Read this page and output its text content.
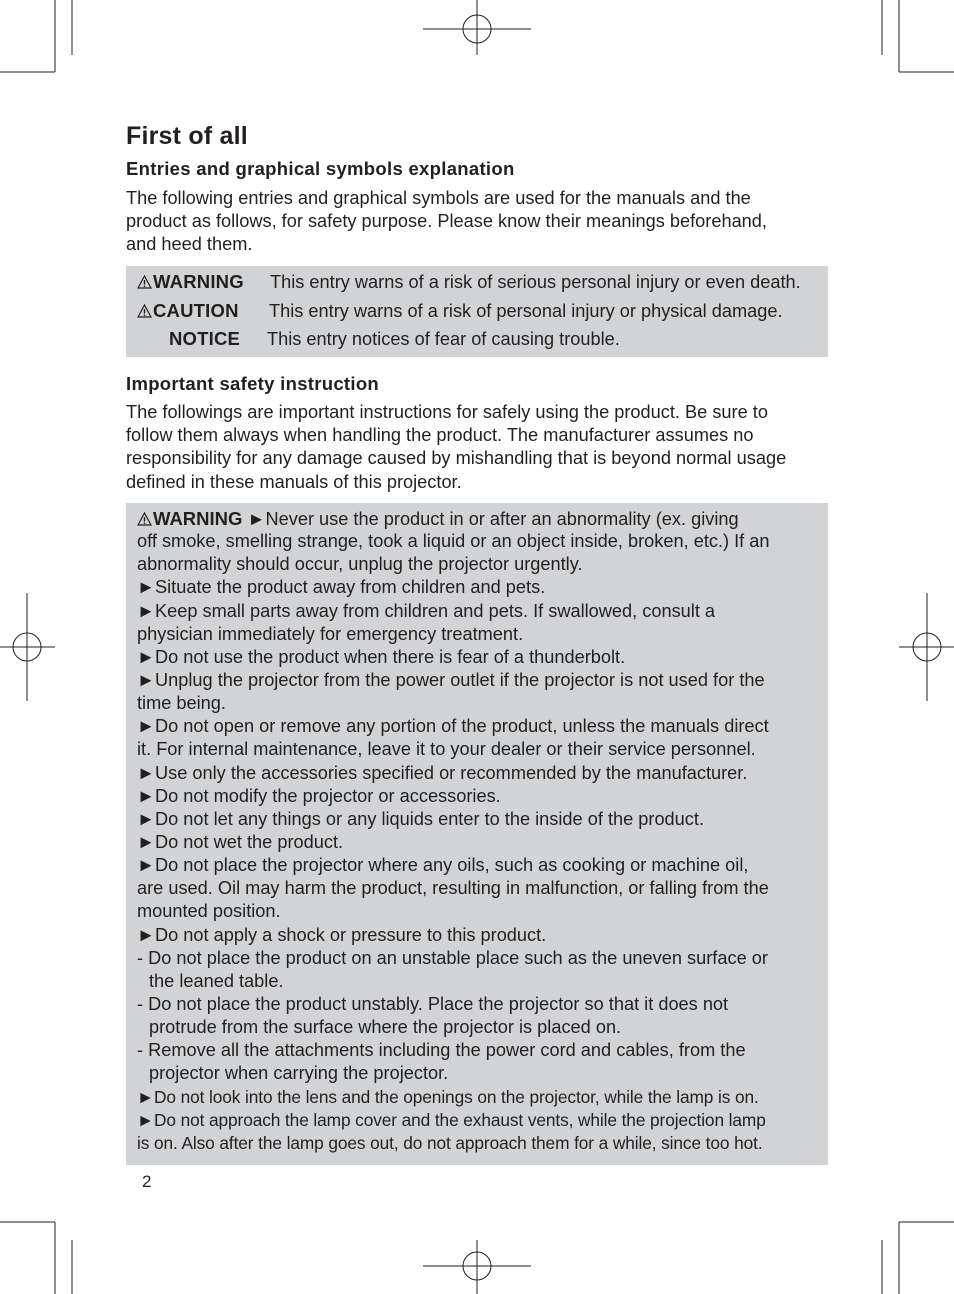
First of all
Entries and graphical symbols explanation
The following entries and graphical symbols are used for the manuals and the
product as follows, for safety purpose. Please know their meanings beforehand,
and heed them.
WARNING This entry warns of a risk of serious personal injury or even death.
CAUTION This entry warns of a risk of personal injury or physical damage.
NOTICE This entry notices of fear of causing trouble.
Important safety instruction
The followings are important instructions for safely using the product. Be sure to
follow them always when handling the product. The manufacturer assumes no
responsibility for any damage caused by mishandling that is beyond normal usage
defined in these manuals of this projector.
WARNING ►Never use the product in or after an abnormality (ex. giving
off smoke, smelling strange, took a liquid or an object inside, broken, etc.) If an
abnormality should occur, unplug the projector urgently.
►Situate the product away from children and pets.
►Keep small parts away from children and pets. If swallowed, consult a
physician immediately for emergency treatment.
►Do not use the product when there is fear of a thunderbolt.
►Unplug the projector from the power outlet if the projector is not used for the
time being.
►Do not open or remove any portion of the product, unless the manuals direct
it. For internal maintenance, leave it to your dealer or their service personnel.
►Use only the accessories specified or recommended by the manufacturer.
►Do not modify the projector or accessories.
►Do not let any things or any liquids enter to the inside of the product.
►Do not wet the product.
►Do not place the projector where any oils, such as cooking or machine oil,
are used. Oil may harm the product, resulting in malfunction, or falling from the
mounted position.
►Do not apply a shock or pressure to this product.
- Do not place the product on an unstable place such as the uneven surface or
the leaned table.
- Do not place the product unstably. Place the projector so that it does not
protrude from the surface where the projector is placed on.
- Remove all the attachments including the power cord and cables, from the
projector when carrying the projector.
►Do not look into the lens and the openings on the projector, while the lamp is on.
►Do not approach the lamp cover and the exhaust vents, while the projection lamp
is on. Also after the lamp goes out, do not approach them for a while, since too hot.
2
